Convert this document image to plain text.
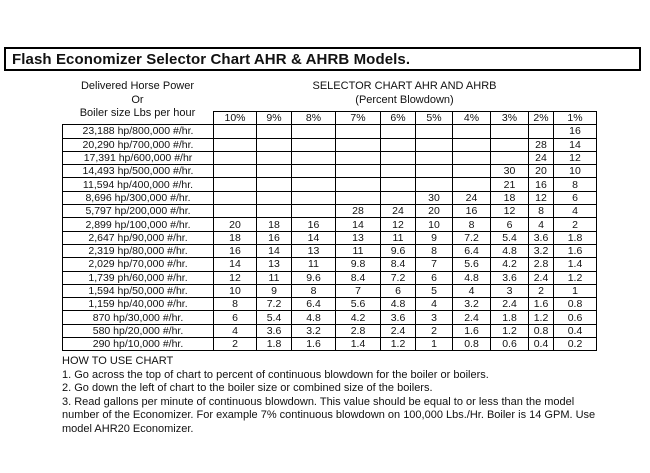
Flash Economizer Selector Chart AHR & AHRB Models.
Delivered Horse Power
Or
Boiler size Lbs per hour
SELECTOR CHART AHR AND AHRB
(Percent Blowdown)
	10%	9%	8%	7%	6%	5%	4%	3%	2%	1%
23,188 hp/800,000 #/hr.										16
20,290 hp/700,000 #/hr.									28	14
17,391 hp/600,000 #/hr									24	12
14,493 hp/500,000 #/hr.								30	20	10
11,594 hp/400,000 #/hr.								21	16	8
8,696 hp/300,000 #/hr.						30	24	18	12	6
5,797 hp/200,000 #/hr.				28	24	20	16	12	8	4
2,899 hp/100,000 #/hr.	20	18	16	14	12	10	8	6	4	2
2,647 hp/90,000 #/hr.	18	16	14	13	11	9	7.2	5.4	3.6	1.8
2,319 hp/80,000 #/hr.	16	14	13	11	9.6	8	6.4	4.8	3.2	1.6
2,029 hp/70,000 #/hr.	14	13	11	9.8	8.4	7	5.6	4.2	2.8	1.4
1,739 ph/60,000 #/hr.	12	11	9.6	8.4	7.2	6	4.8	3.6	2.4	1.2
1,594 hp/50,000 #/hr.	10	9	8	7	6	5	4	3	2	1
1,159 hp/40,000 #/hr.	8	7.2	6.4	5.6	4.8	4	3.2	2.4	1.6	0.8
870 hp/30,000 #/hr.	6	5.4	4.8	4.2	3.6	3	2.4	1.8	1.2	0.6
580 hp/20,000 #/hr.	4	3.6	3.2	2.8	2.4	2	1.6	1.2	0.8	0.4
290 hp/10,000 #/hr.	2	1.8	1.6	1.4	1.2	1	0.8	0.6	0.4	0.2
HOW TO USE CHART
1. Go across the top of chart to percent of continuous blowdown for the boiler or boilers.
2. Go down the left of chart to the boiler size or combined size of the boilers.
3. Read gallons per minute of continuous blowdown. This value should be equal to or less than the model number of the Economizer. For example 7% continuous blowdown on 100,000 Lbs./Hr. Boiler is 14 GPM. Use model AHR20 Economizer.
